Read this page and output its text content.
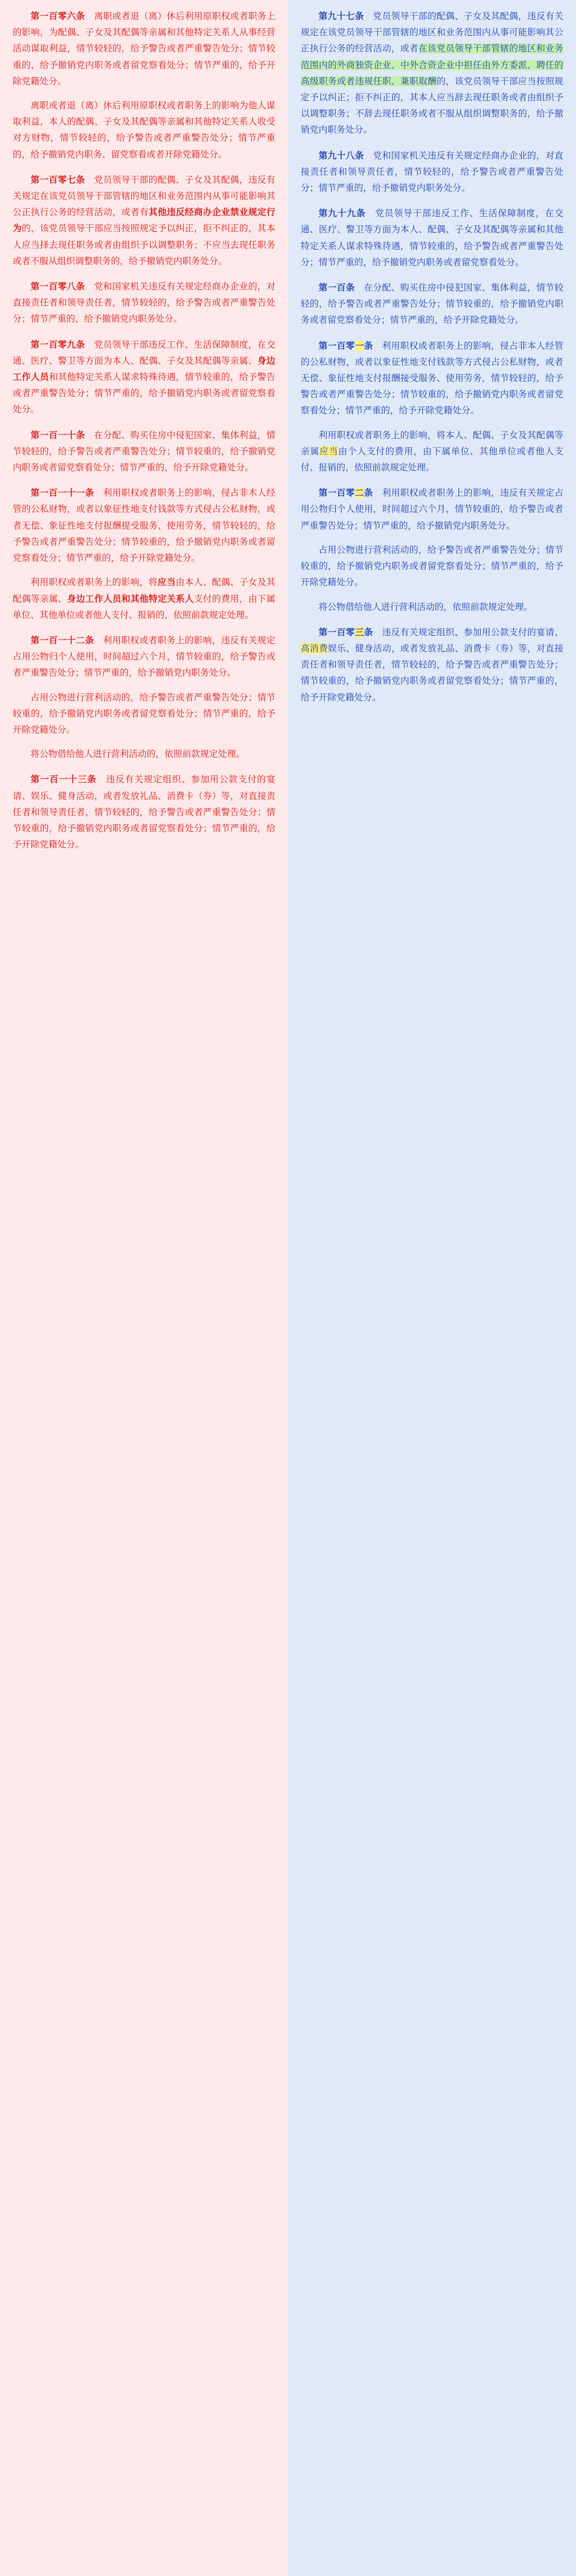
第一百零六条　离职或者退（离）休后利用原职权或者职务上的影响，为配偶、子女及其配偶等亲属和其他特定关系人从事经营活动谋取利益，情节较轻的，给予警告或者严重警告处分；情节较重的，给予撤销党内职务或者留党察看处分；情节严重的，给予开除党籍处分。

离职或者退（离）休后利用原职权或者职务上的影响为他人谋取利益，本人的配偶、子女及其配偶等亲属和其他特定关系人收受对方财物，情节较轻的，给予警告或者严重警告处分；情节严重的，给予撤销党内职务、留党察看或者开除党籍处分。

第一百零七条　党员领导干部的配偶、子女及其配偶，违反有关规定在该党员领导干部管辖的地区和业务范围内从事可能影响其公正执行公务的经营活动，或者有其他违反经商办企业禁业规定行为的，该党员领导干部应当按照规定予以纠正，拒不纠正的，其本人应当择去现任职务或者由组织予以调整职务；不应当去现任职务或者不服从组织调整职务的，给予撤销党内职务处分。

第一百零八条　党和国家机关违反有关规定经商办企业的，对直接责任者和领导责任者，情节较轻的，给予警告或者严重警告处分；情节严重的，给予撤销党内职务处分。

第一百零九条　党员领导干部违反工作、生活保障制度，在交通、医疗、警卫等方面为本人、配偶、子女及其配偶等亲属、身边工作人员和其他特定关系人谋求特殊待遇，情节较重的，给予警告或者严重警告处分；情节严重的，给予撤销党内职务或者留党察看处分。

第一百一十条　在分配、购买住房中侵犯国家、集体利益，情节较轻的，给予警告或者严重警告处分；情节较重的，给予撤销党内职务或者留党察看处分；情节严重的，给予开除党籍处分。

第一百一十一条　利用职权或者职务上的影响，侵占非木人经管的公私财物，或者以象征性地支付钱款等方式侵占公私财物，或者无偿、象征性地支付报酬提受服务、使用劳务，情节较轻的，给予警告或者严重警告处分；情节较重的，给予撤销党内职务或者留党察看处分；情节严重的，给予开除党籍处分。

利用职权或者职务上的影响，将应当由本人、配偶、子女及其配偶等亲属、身边工作人员和其他特定关系人支付的费用，由下属单位、其他单位或者他人支付、报销的，依照前款规定处理。

第一百一十二条　利用职权或者职务上的影响，违反有关规定占用公物归个人使用，时间超过六个月，情节较重的，给予警告或者严重警告处分；情节严重的，给予撤销党内职务处分。

占用公物进行营利活动的，给予警告或者严重警告处分；情节较重的，给予撤销党内职务或者留党察看处分；情节严重的，给予开除党籍处分。

将公物借给他人进行营利活动的，依照前款规定处理。

第一百一十三条　违反有关规定组织、参加用公款支付的宴请、娱乐、健身活动，或者发放礼品、消费卡（券）等，对直接责任者和领导责任者，情节较轻的，给予警告或者严重警告处分；情节较重的，给予撤销党内职务或者留党察看处分；情节严重的，给予开除党籍处分。

第九十七条　党员领导干部的配偶、子女及其配偶，违反有关规定在该党员领导干部管辖的地区和业务范围内从事可能影响其公正执行公务的经营活动，或者在该党员领导干部管辖的地区和业务范围内的外商独资企业、中外合资企业中担任由外方委派、聘任的高级职务或者违规任职、兼职取酬的，该党员领导干部应当按照规定予以纠正；拒不纠正的，其本人应当辞去现任职务或者由组织予以调整职务；不辞去现任职务或者不服从组织调整职务的，给予撤销党内职务处分。

第九十八条　党和国家机关违反有关规定经商办企业的，对直接责任者和领导责任者，情节较轻的，给予警告或者严重警告处分；情节严重的，给予撤销党内职务处分。

第九十九条　党员领导干部违反工作、生活保障制度，在交通、医疗、警卫等方面为本人、配偶、子女及其配偶等亲属和其他特定关系人谋求特殊待遇，情节较重的，给予警告或者严重警告处分；情节严重的，给予撤销党内职务或者留党察看处分。

第一百条　在分配、购买住房中侵犯国家、集体利益，情节较轻的，给予警告或者严重警告处分；情节较重的，给予撤销党内职务或者留党察看处分；情节严重的，给予开除党籍处分。

第一百零一条　利用职权或者职务上的影响，侵占非本人经管的公私财物，或者以象征性地支付钱款等方式侵占公私财物，或者无偿、象征性地支付报酬接受服务、使用劳务，情节较轻的，给予警告或者严重警告处分；情节较重的，给予撤销党内职务或者留党察看处分；情节严重的，给予开除党籍处分。

利用职权或者职务上的影响，将本人、配偶、子女及其配偶等亲属应当由个人支付的费用，由下属单位、其他单位或者他人支付、报销的，依照前款规定处理。

第一百零二条　利用职权或者职务上的影响，违反有关规定占用公物归个人使用，时间超过六个月，情节较重的，给予警告或者严重警告处分；情节严重的，给予撤销党内职务处分。

占用公物进行营利活动的，给予警告或者严重警告处分；情节较重的，给予撤销党内职务或者留党察看处分；情节严重的，给予开除党籍处分。

将公物借给他人进行营利活动的，依照前款规定处理。

第一百零三条　违反有关规定组织、参加用公款支付的宴请、高消费娱乐、健身活动，或者发放礼品、消费卡（券）等，对直接责任者和领导责任者，情节较轻的，给予警告或者严重警告处分；情节较重的，给予撤销党内职务或者留党察看处分；情节严重的，给予开除党籍处分。
